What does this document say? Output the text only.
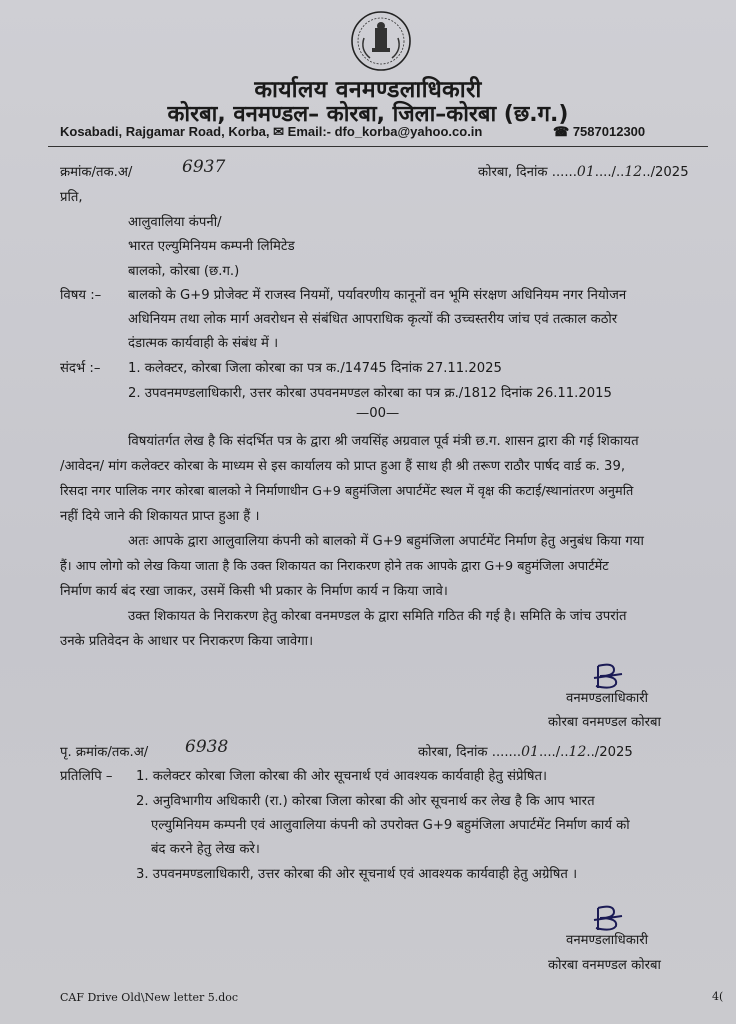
कार्यालय वनमण्डलाधिकारी
कोरबा, वनमण्डल– कोरबा, जिला–कोरबा (छ.ग.)
Kosabadi, Rajgamar Road, Korba, ✉ Email:- dfo_korba@yahoo.co.in	☎ 7587012300
क्रमांक/तक.अ/	6937	कोरबा, दिनांक ......01..../..12../2025
प्रति,
आलुवालिया कंपनी/
भारत एल्युमिनियम कम्पनी लिमिटेड
बालको, कोरबा (छ.ग.)
विषय :– बालको के G+9 प्रोजेक्ट में राजस्व नियमों, पर्यावरणीय कानूनों वन भूमि संरक्षण अधिनियम नगर नियोजन
अधिनियम तथा लोक मार्ग अवरोधन से संबंधित आपराधिक कृत्यों की उच्चस्तरीय जांच एवं तत्काल कठोर
दंडात्मक कार्यवाही के संबंध में ।
संदर्भ :– 1. कलेक्टर, कोरबा जिला कोरबा का पत्र क./14745 दिनांक 27.11.2025
2. उपवनमण्डलाधिकारी, उत्तर कोरबा उपवनमण्डल कोरबा का पत्र क्र./1812 दिनांक 26.11.2015
—00—
विषयांतर्गत लेख है कि संदर्भित पत्र के द्वारा श्री जयसिंह अग्रवाल पूर्व मंत्री छ.ग. शासन द्वारा की गई शिकायत
/आवेदन/ मांग कलेक्टर कोरबा के माध्यम से इस कार्यालय को प्राप्त हुआ हैं साथ ही श्री तरूण राठौर पार्षद वार्ड क. 39,
रिसदा नगर पालिक नगर कोरबा बालको ने निर्माणाधीन G+9 बहुमंजिला अपार्टमेंट स्थल में वृक्ष की कटाई/स्थानांतरण अनुमति
नहीं दिये जाने की शिकायत प्राप्त हुआ हैं ।
अतः आपके द्वारा आलुवालिया कंपनी को बालको में G+9 बहुमंजिला अपार्टमेंट निर्माण हेतु अनुबंध किया गया
हैं। आप लोगो को लेख किया जाता है कि उक्त शिकायत का निराकरण होने तक आपके द्वारा G+9 बहुमंजिला अपार्टमेंट
निर्माण कार्य बंद रखा जाकर, उसमें किसी भी प्रकार के निर्माण कार्य न किया जावे।
उक्त शिकायत के निराकरण हेतु कोरबा वनमण्डल के द्वारा समिति गठित की गई है। समिति के जांच उपरांत
उनके प्रतिवेदन के आधार पर निराकरण किया जावेगा।
वनमण्डलाधिकारी
कोरबा वनमण्डल कोरबा
पृ. क्रमांक/तक.अ/ 6938	कोरबा, दिनांक .......01..../..12../2025
प्रतिलिपि – 1. कलेक्टर कोरबा जिला कोरबा की ओर सूचनार्थ एवं आवश्यक कार्यवाही हेतु संप्रेषित।
2. अनुविभागीय अधिकारी (रा.) कोरबा जिला कोरबा की ओर सूचनार्थ कर लेख है कि आप भारत
एल्युमिनियम कम्पनी एवं आलुवालिया कंपनी को उपरोक्त G+9 बहुमंजिला अपार्टमेंट निर्माण कार्य को
बंद करने हेतु लेख करे।
3. उपवनमण्डलाधिकारी, उत्तर कोरबा की ओर सूचनार्थ एवं आवश्यक कार्यवाही हेतु अग्रेषित ।
वनमण्डलाधिकारी
कोरबा वनमण्डल कोरबा
CAF Drive Old\New letter 5.doc	4(
